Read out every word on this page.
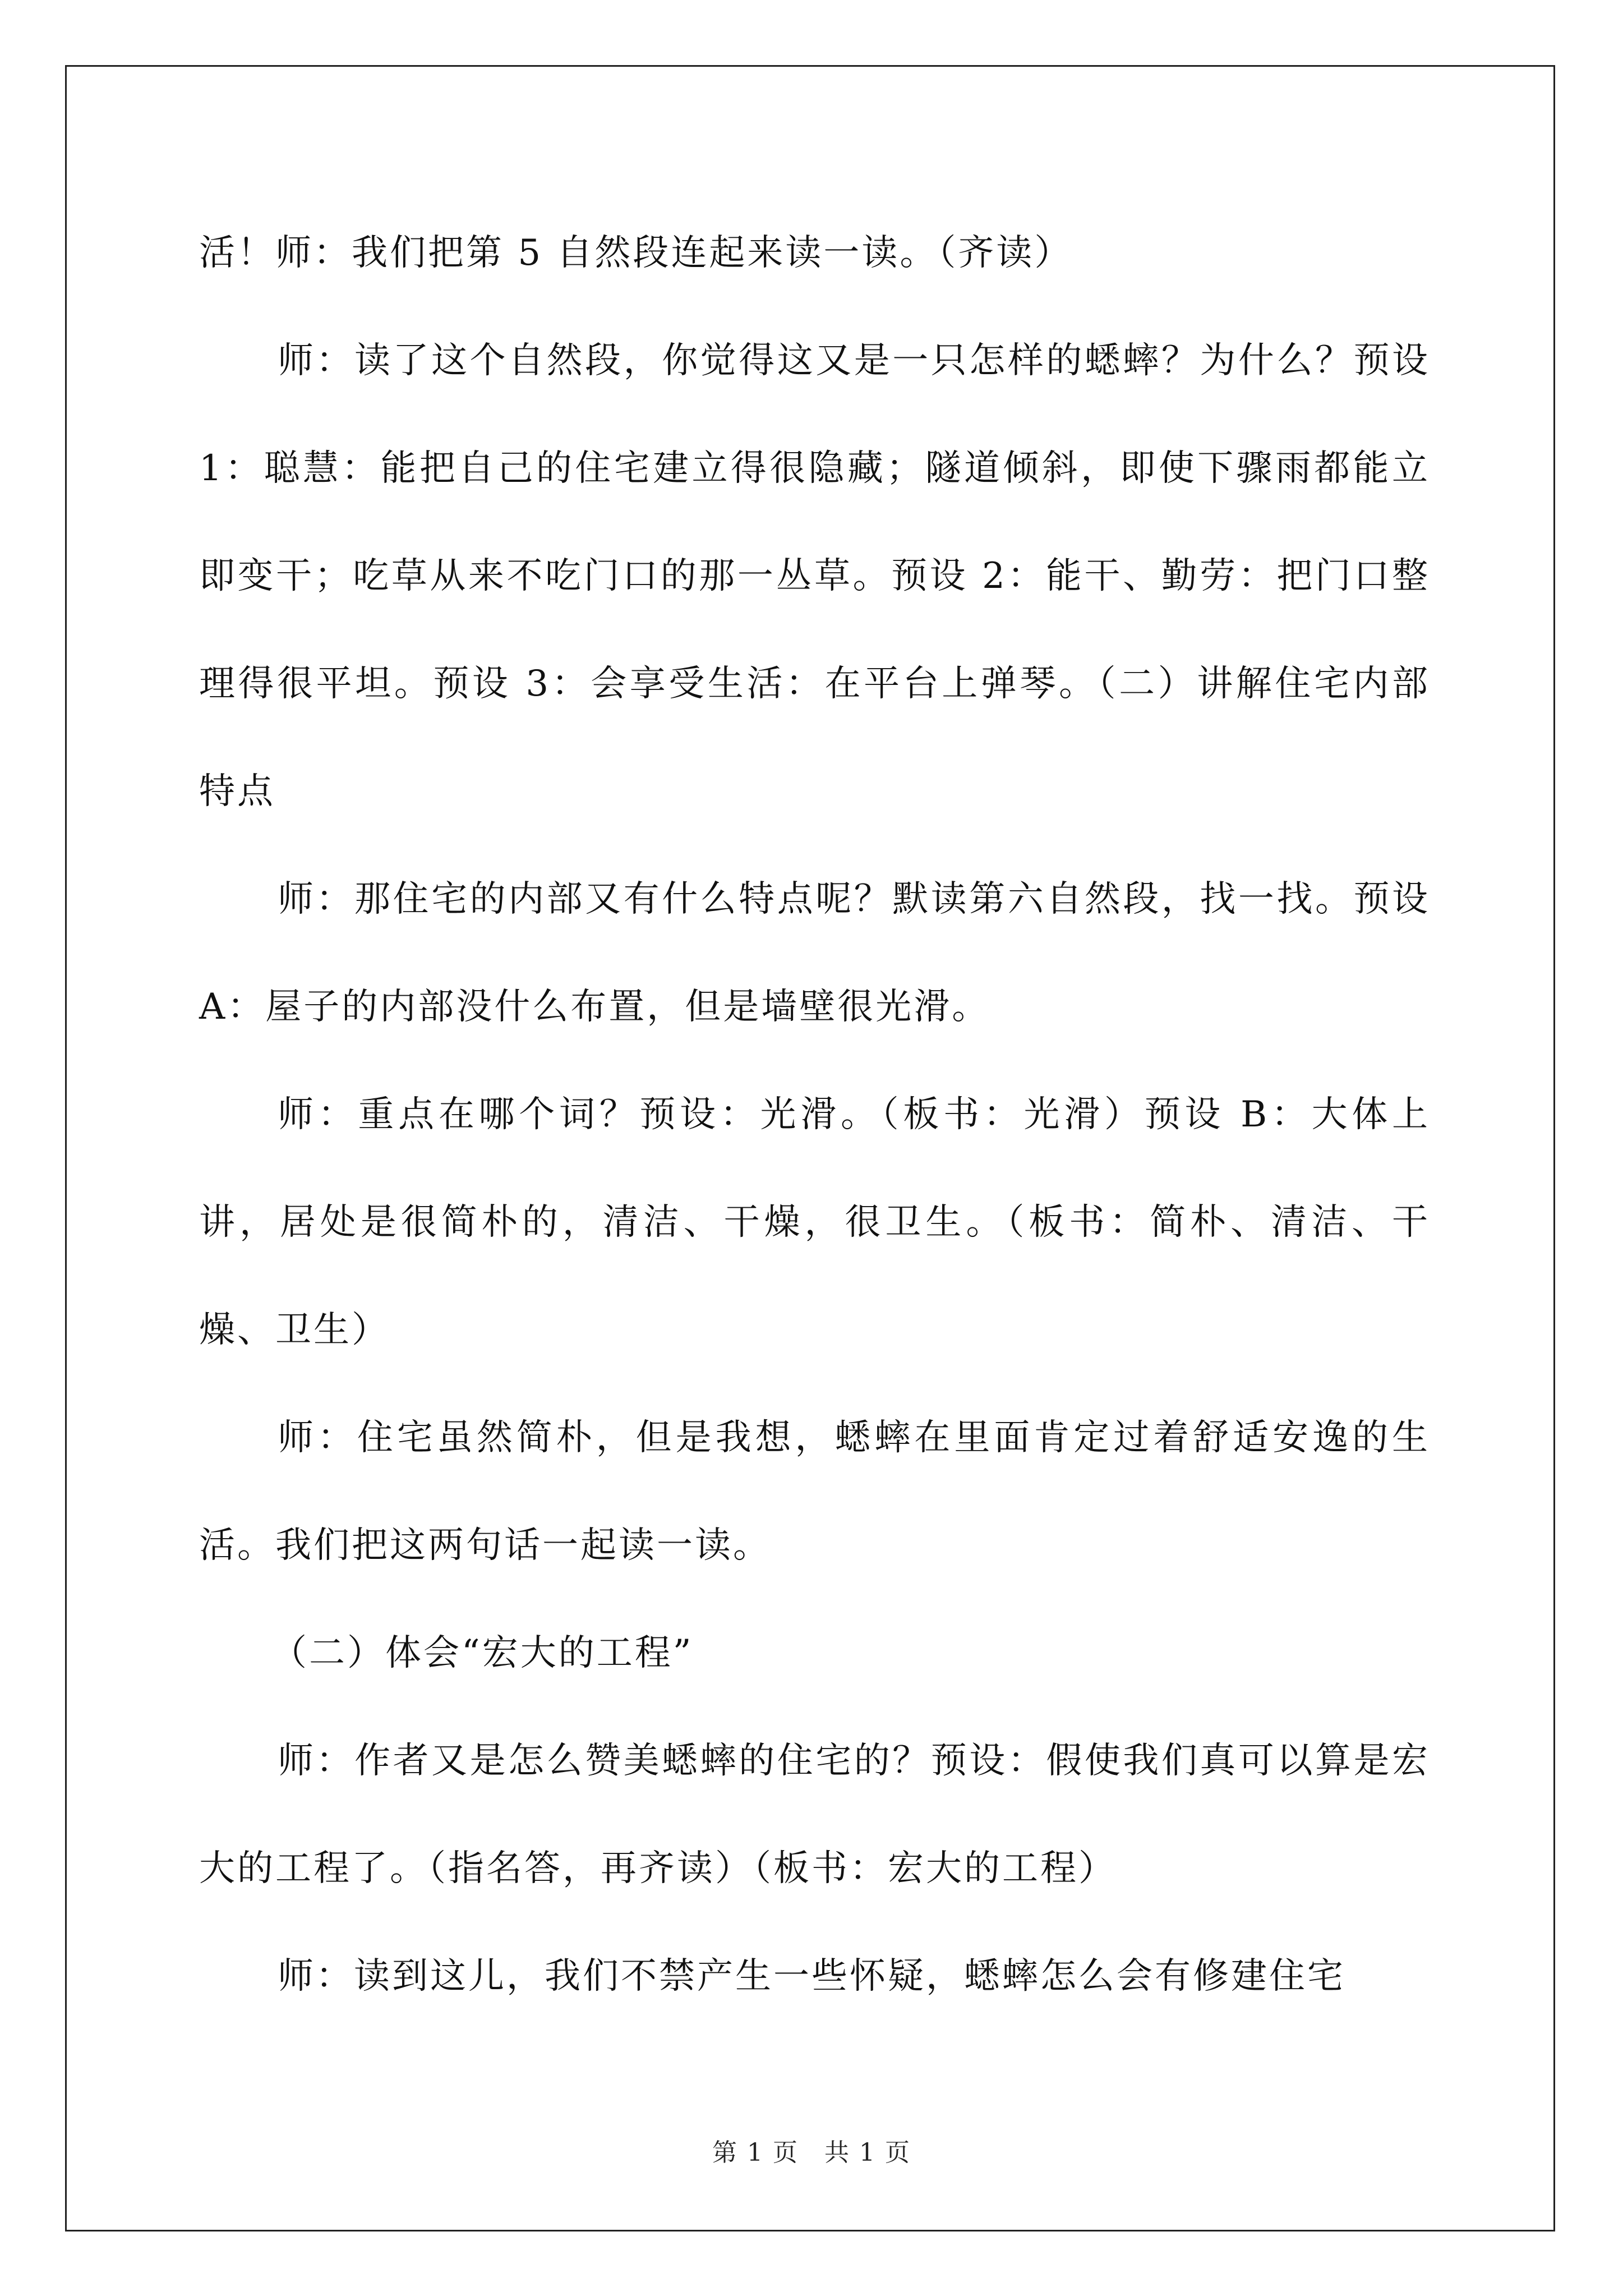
活！师：我们把第 5 自然段连起来读一读。（齐读）

师：读了这个自然段，你觉得这又是一只怎样的蟋蟀？为什么？预设 1：聪慧：能把自己的住宅建立得很隐藏；隧道倾斜，即使下骤雨都能立即变干；吃草从来不吃门口的那一丛草。预设 2：能干、勤劳：把门口整理得很平坦。预设 3：会享受生活：在平台上弹琴。（二）讲解住宅内部特点

师：那住宅的内部又有什么特点呢？默读第六自然段，找一找。预设 A：屋子的内部没什么布置，但是墙壁很光滑。

师：重点在哪个词？预设：光滑。（板书：光滑）预设 B：大体上讲，居处是很简朴的，清洁、干燥，很卫生。（板书：简朴、清洁、干燥、卫生）

师：住宅虽然简朴，但是我想，蟋蟀在里面肯定过着舒适安逸的生活。我们把这两句话一起读一读。

（二）体会“宏大的工程”

师：作者又是怎么赞美蟋蟀的住宅的？预设：假使我们真可以算是宏大的工程了。（指名答，再齐读）（板书：宏大的工程）

师：读到这儿，我们不禁产生一些怀疑，蟋蟀怎么会有修建住宅

第 1 页　共 1 页
